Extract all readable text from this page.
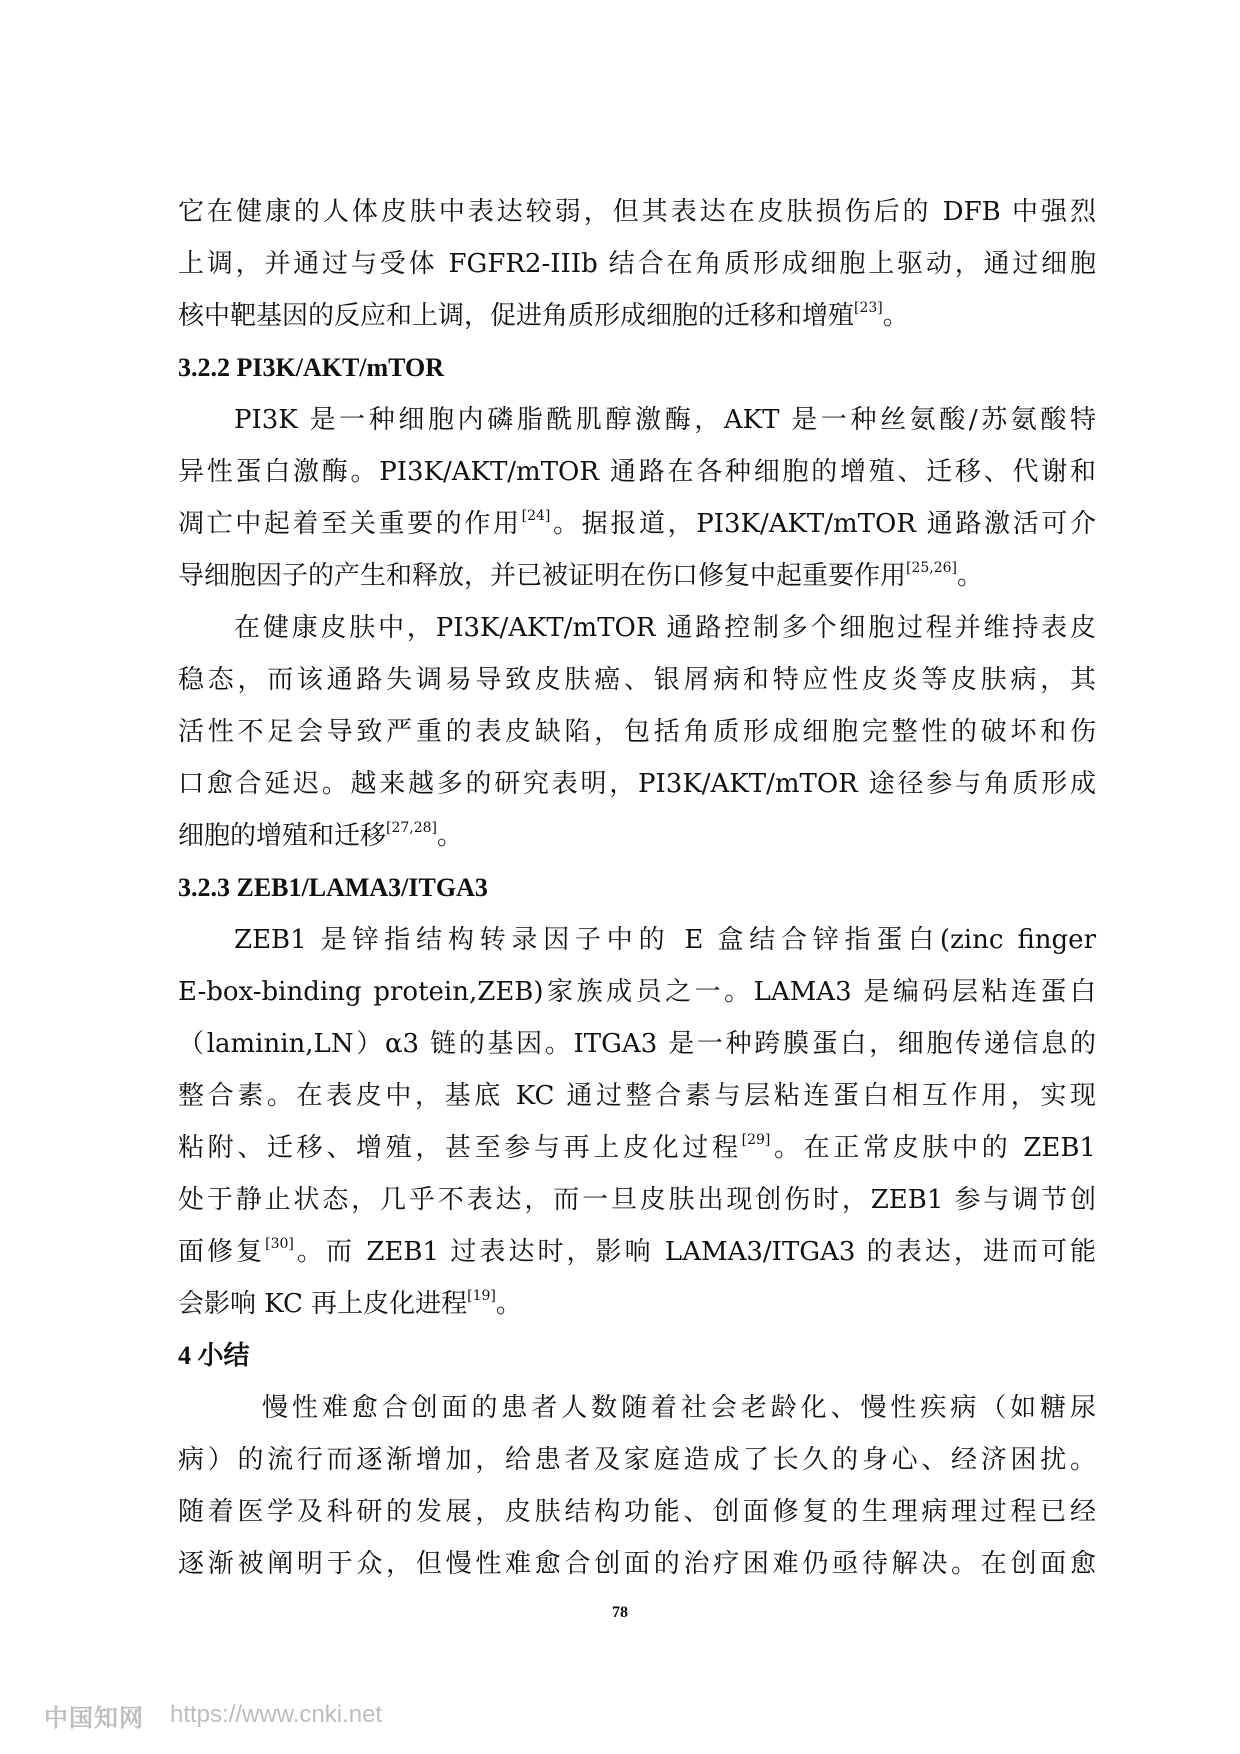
它在健康的人体皮肤中表达较弱，但其表达在皮肤损伤后的 DFB 中强烈
上调，并通过与受体 FGFR2-IIIb 结合在角质形成细胞上驱动，通过细胞
核中靶基因的反应和上调，促进角质形成细胞的迁移和增殖[23]。
3.2.2 PI3K/AKT/mTOR
PI3K 是一种细胞内磷脂酰肌醇激酶，AKT 是一种丝氨酸/苏氨酸特
异性蛋白激酶。PI3K/AKT/mTOR 通路在各种细胞的增殖、迁移、代谢和
凋亡中起着至关重要的作用[24]。据报道，PI3K/AKT/mTOR 通路激活可介
导细胞因子的产生和释放，并已被证明在伤口修复中起重要作用[25,26]。
在健康皮肤中，PI3K/AKT/mTOR 通路控制多个细胞过程并维持表皮
稳态，而该通路失调易导致皮肤癌、银屑病和特应性皮炎等皮肤病，其
活性不足会导致严重的表皮缺陷，包括角质形成细胞完整性的破坏和伤
口愈合延迟。越来越多的研究表明，PI3K/AKT/mTOR 途径参与角质形成
细胞的增殖和迁移[27,28]。
3.2.3 ZEB1/LAMA3/ITGA3
ZEB1 是锌指结构转录因子中的 E 盒结合锌指蛋白(zinc finger
E-box-binding protein,ZEB)家族成员之一。LAMA3 是编码层粘连蛋白
（laminin,LN）α3 链的基因。ITGA3 是一种跨膜蛋白，细胞传递信息的
整合素。在表皮中，基底 KC 通过整合素与层粘连蛋白相互作用，实现
粘附、迁移、增殖，甚至参与再上皮化过程[29]。在正常皮肤中的 ZEB1
处于静止状态，几乎不表达，而一旦皮肤出现创伤时，ZEB1 参与调节创
面修复[30]。而 ZEB1 过表达时，影响 LAMA3/ITGA3 的表达，进而可能
会影响 KC 再上皮化进程[19]。
4 小结
慢性难愈合创面的患者人数随着社会老龄化、慢性疾病（如糖尿
病）的流行而逐渐增加，给患者及家庭造成了长久的身心、经济困扰。
随着医学及科研的发展，皮肤结构功能、创面修复的生理病理过程已经
逐渐被阐明于众，但慢性难愈合创面的治疗困难仍亟待解决。在创面愈
78
中国知网 https://www.cnki.net
